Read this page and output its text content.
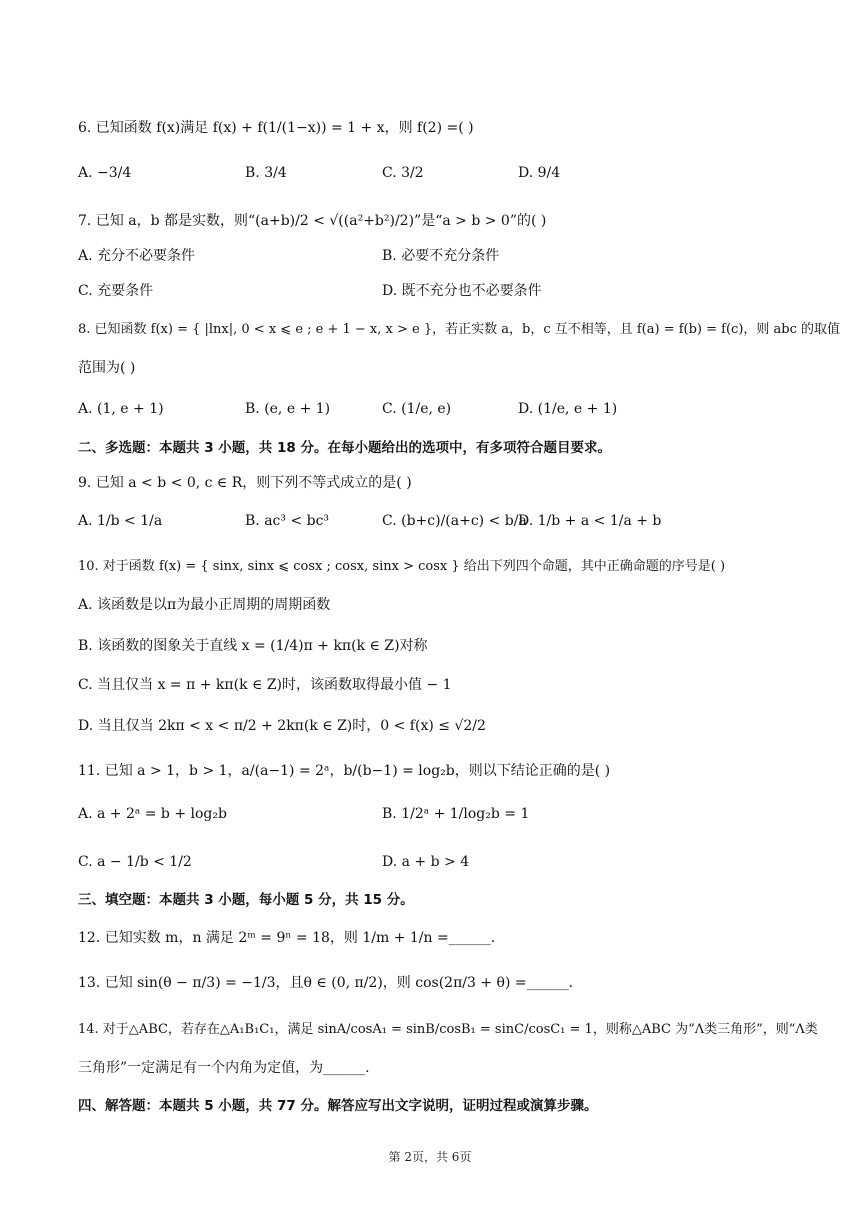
6. 已知函数 f(x)满足 f(x) + f(1/(1−x)) = 1 + x，则 f(2) =( )
A. −3/4	B. 3/4	C. 3/2	D. 9/4
7. 已知 a，b 都是实数，则“(a+b)/2 < √((a²+b²)/2)”是“a > b > 0”的( )
A. 充分不必要条件	B. 必要不充分条件
C. 充要条件	D. 既不充分也不必要条件
8. 已知函数 f(x) = { |lnx|, 0 < x ⩽ e ; e + 1 − x, x > e }，若正实数 a，b，c 互不相等，且 f(a) = f(b) = f(c)，则 abc 的取值
范围为( )
A. (1, e + 1)	B. (e, e + 1)	C. (1/e, e)	D. (1/e, e + 1)
二、多选题：本题共 3 小题，共 18 分。在每小题给出的选项中，有多项符合题目要求。
9. 已知 a < b < 0, c ∈ R，则下列不等式成立的是( )
A. 1/b < 1/a	B. ac³ < bc³	C. (b+c)/(a+c) < b/a
D. 1/b + a < 1/a + b
10. 对于函数 f(x) = { sinx, sinx ⩽ cosx ; cosx, sinx > cosx } 给出下列四个命题，其中正确命题的序号是( )
A. 该函数是以π为最小正周期的周期函数
B. 该函数的图象关于直线 x = (1/4)π + kπ(k ∈ Z)对称
C. 当且仅当 x = π + kπ(k ∈ Z)时，该函数取得最小值 − 1
D. 当且仅当 2kπ < x < π/2 + 2kπ(k ∈ Z)时，0 < f(x) ≤ √2/2
11. 已知 a > 1，b > 1，a/(a−1) = 2ᵃ，b/(b−1) = log₂b，则以下结论正确的是( )
A. a + 2ᵃ = b + log₂b	B. 1/2ᵃ + 1/log₂b = 1
C. a − 1/b < 1/2	D. a + b > 4
三、填空题：本题共 3 小题，每小题 5 分，共 15 分。
12. 已知实数 m，n 满足 2ᵐ = 9ⁿ = 18，则 1/m + 1/n =______.
13. 已知 sin(θ − π/3) = −1/3，且θ ∈ (0, π/2)，则 cos(2π/3 + θ) =______.
14. 对于△ABC，若存在△A₁B₁C₁，满足 sinA/cosA₁ = sinB/cosB₁ = sinC/cosC₁ = 1，则称△ABC 为“Λ类三角形”，则“Λ类
三角形”一定满足有一个内角为定值，为______.
四、解答题：本题共 5 小题，共 77 分。解答应写出文字说明，证明过程或演算步骤。
第 2页，共 6页
